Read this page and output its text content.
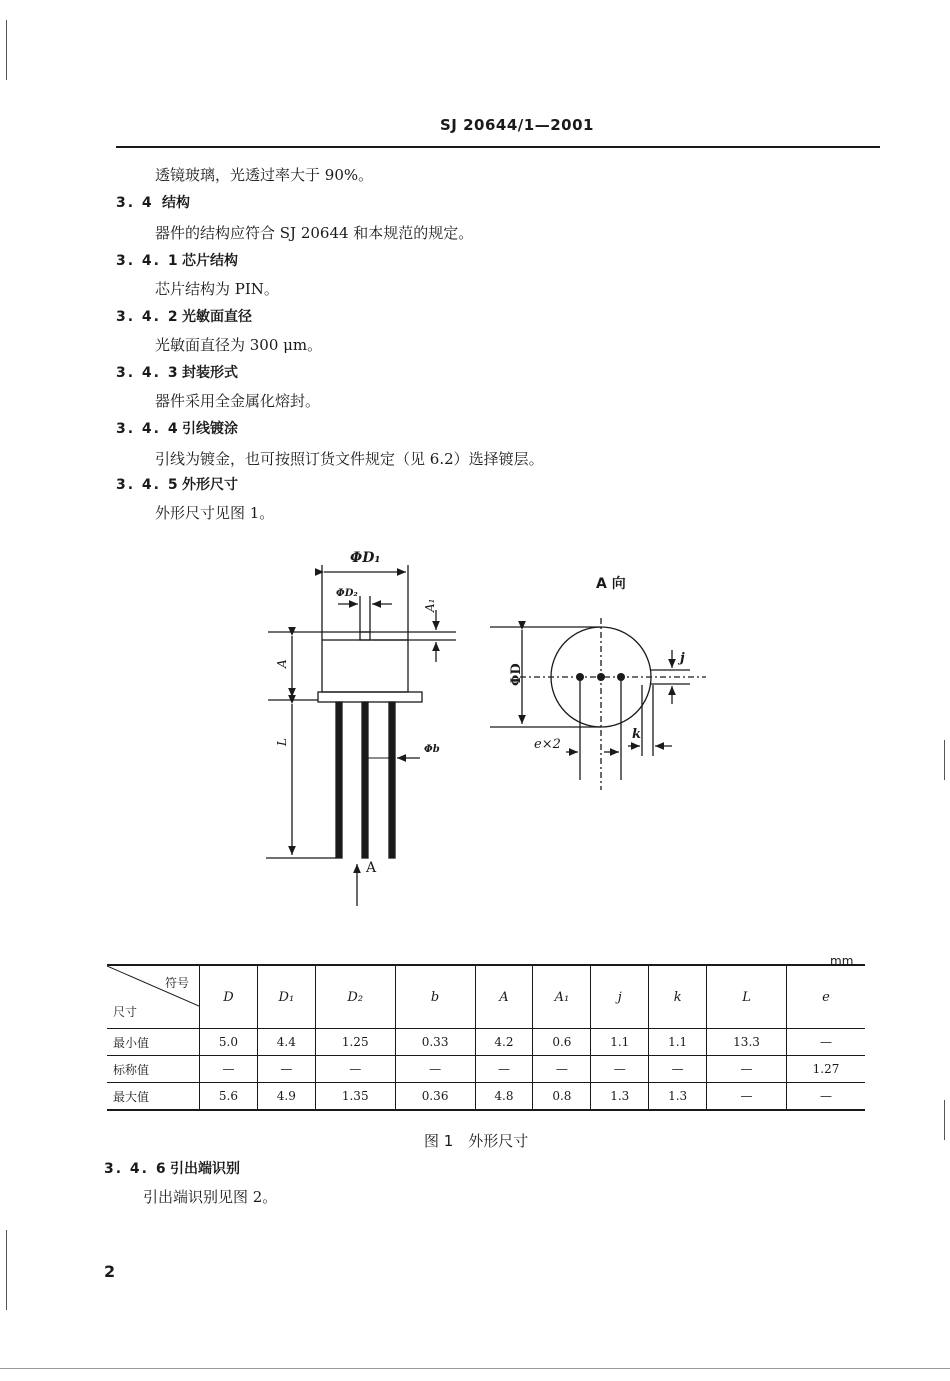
SJ 20644/1—2001
透镜玻璃，光透过率大于 90%。
3. 4 结构
器件的结构应符合 SJ 20644 和本规范的规定。
3. 4. 1 芯片结构
芯片结构为 PIN。
3. 4. 2 光敏面直径
光敏面直径为 300 μm。
3. 4. 3 封装形式
器件采用全金属化熔封。
3. 4. 4 引线镀涂
引线为镀金，也可按照订货文件规定（见 6.2）选择镀层。
3. 4. 5 外形尺寸
外形尺寸见图 1。
ΦD₁
ΦD₂
A₁
A
L
Φb
A
A 向
ΦD
j
k
e×2
mm
符号
尺寸	D	D₁	D₂	b	A	A₁	j	k	L	e
最小值	5.0	4.4	1.25	0.33	4.2	0.6	1.1	1.1	13.3	—
标称值	—	—	—	—	—	—	—	—	—	1.27
最大值	5.6	4.9	1.35	0.36	4.8	0.8	1.3	1.3	—	—
图 1　外形尺寸
3. 4. 6 引出端识别
引出端识别见图 2。
2
